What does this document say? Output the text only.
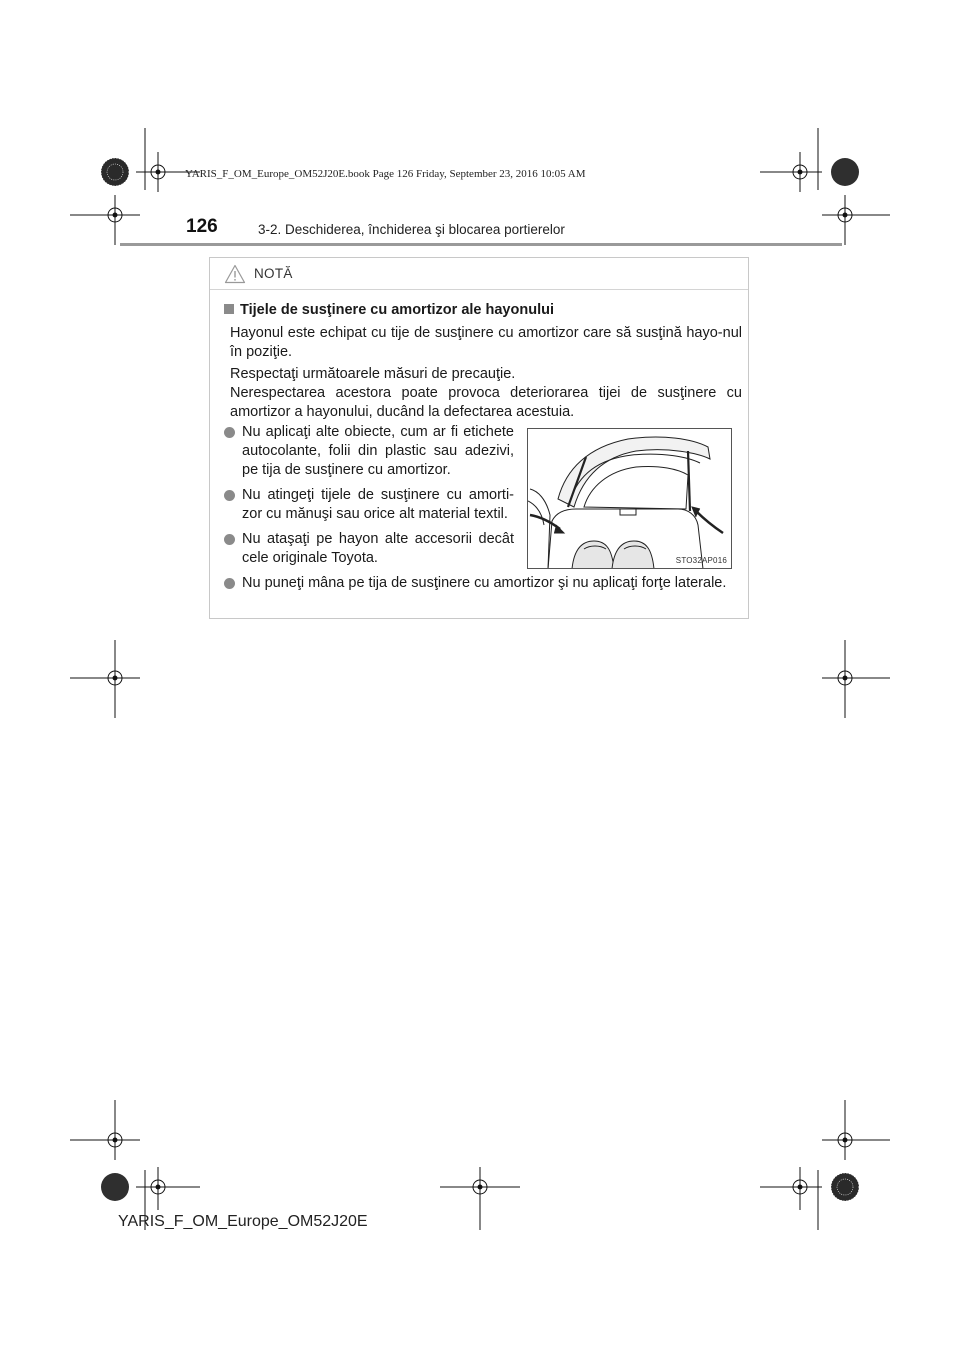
YARIS_F_OM_Europe_OM52J20E.book Page 126 Friday, September 23, 2016 10:05 AM
126	3-2. Deschiderea, închiderea şi blocarea portierelor
NOTĂ
Tijele de susţinere cu amortizor ale hayonului
Hayonul este echipat cu tije de susţinere cu amortizor care să susţină hayo-nul în poziţie.
Respectaţi următoarele măsuri de precauţie.
Nerespectarea acestora poate provoca deteriorarea tijei de susţinere cu amortizor a hayonului, ducând la defectarea acestuia.
Nu aplicaţi alte obiecte, cum ar fi etichete autocolante, folii din plastic sau adezivi, pe tija de susţinere cu amortizor.
Nu atingeţi tijele de susţinere cu amorti-zor cu mănuşi sau orice alt material textil.
Nu ataşaţi pe hayon alte accesorii decât cele originale Toyota.
Nu puneţi mâna pe tija de susţinere cu amortizor şi nu aplicaţi forţe laterale.
STO32AP016
YARIS_F_OM_Europe_OM52J20E
